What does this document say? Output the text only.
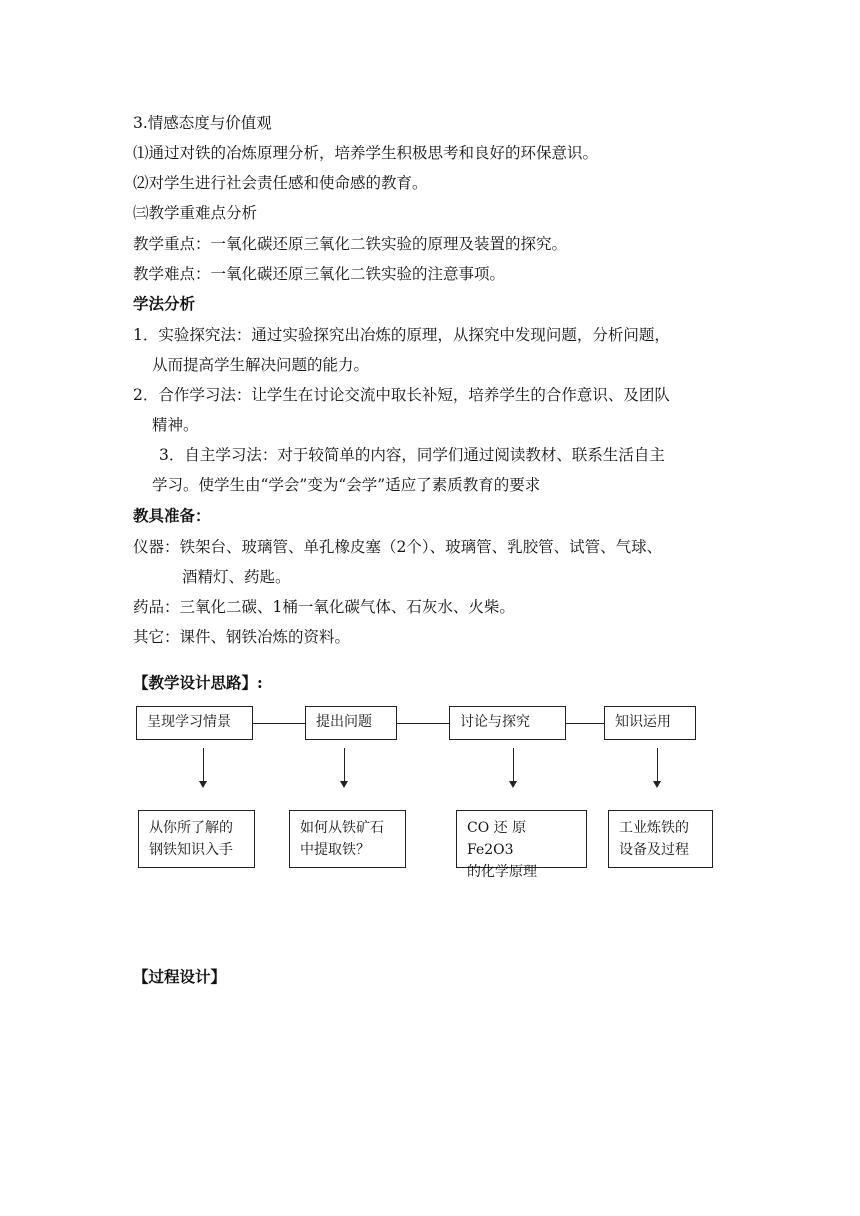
3.情感态度与价值观
⑴通过对铁的冶炼原理分析，培养学生积极思考和良好的环保意识。
⑵对学生进行社会责任感和使命感的教育。
㈢教学重难点分析
教学重点：一氧化碳还原三氧化二铁实验的原理及装置的探究。
教学难点：一氧化碳还原三氧化二铁实验的注意事项。
学法分析
1．实验探究法：通过实验探究出冶炼的原理，从探究中发现问题，分析问题，
从而提高学生解决问题的能力。
2．合作学习法：让学生在讨论交流中取长补短，培养学生的合作意识、及团队
精神。
3．自主学习法：对于较简单的内容，同学们通过阅读教材、联系生活自主
学习。使学生由“学会”变为“会学”适应了素质教育的要求
教具准备：
仪器：铁架台、玻璃管、单孔橡皮塞（2个）、玻璃管、乳胶管、试管、气球、
酒精灯、药匙。
药品：三氧化二碳、1桶一氧化碳气体、石灰水、火柴。
其它：课件、钢铁冶炼的资料。
【教学设计思路】:
呈现学习情景	提出问题	讨论与探究	知识运用
从你所了解的
钢铁知识入手
如何从铁矿石
中提取铁？
CO 还 原 Fe2O3
的化学原理
工业炼铁的
设备及过程
【过程设计】
